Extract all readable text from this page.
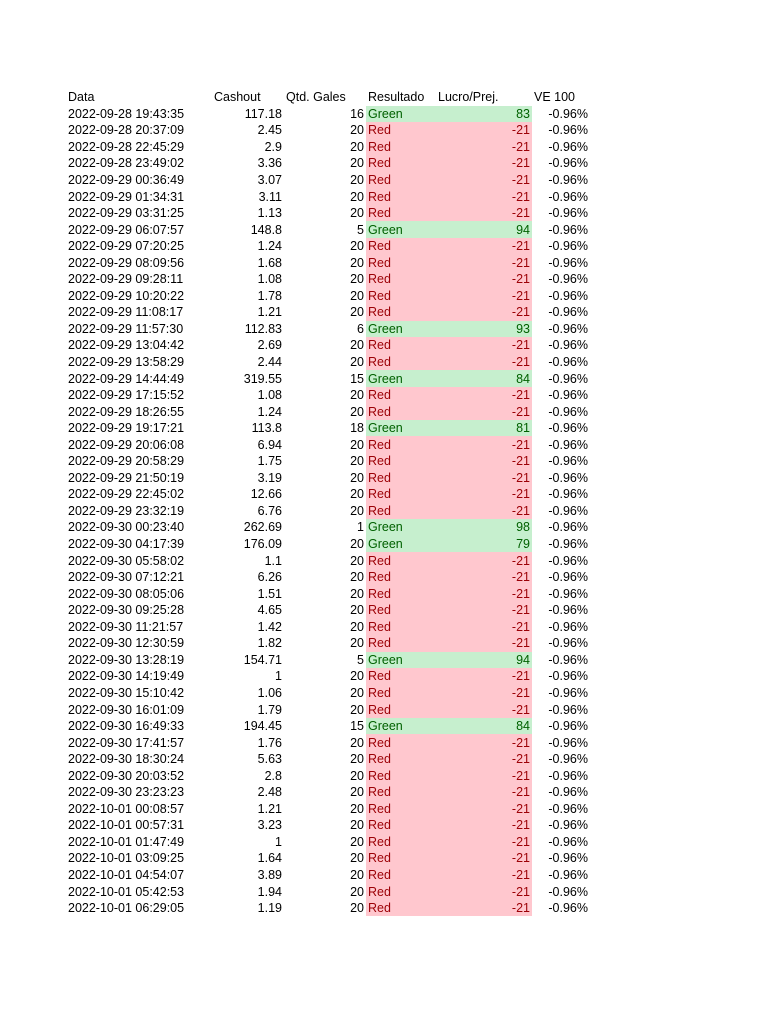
Data	Cashout	Qtd. Gales	Resultado	Lucro/Prej.	VE 100
2022-09-28 19:43:35	117.18	16	Green	83	-0.96%
2022-09-28 20:37:09	2.45	20	Red	-21	-0.96%
2022-09-28 22:45:29	2.9	20	Red	-21	-0.96%
2022-09-28 23:49:02	3.36	20	Red	-21	-0.96%
2022-09-29 00:36:49	3.07	20	Red	-21	-0.96%
2022-09-29 01:34:31	3.11	20	Red	-21	-0.96%
2022-09-29 03:31:25	1.13	20	Red	-21	-0.96%
2022-09-29 06:07:57	148.8	5	Green	94	-0.96%
2022-09-29 07:20:25	1.24	20	Red	-21	-0.96%
2022-09-29 08:09:56	1.68	20	Red	-21	-0.96%
2022-09-29 09:28:11	1.08	20	Red	-21	-0.96%
2022-09-29 10:20:22	1.78	20	Red	-21	-0.96%
2022-09-29 11:08:17	1.21	20	Red	-21	-0.96%
2022-09-29 11:57:30	112.83	6	Green	93	-0.96%
2022-09-29 13:04:42	2.69	20	Red	-21	-0.96%
2022-09-29 13:58:29	2.44	20	Red	-21	-0.96%
2022-09-29 14:44:49	319.55	15	Green	84	-0.96%
2022-09-29 17:15:52	1.08	20	Red	-21	-0.96%
2022-09-29 18:26:55	1.24	20	Red	-21	-0.96%
2022-09-29 19:17:21	113.8	18	Green	81	-0.96%
2022-09-29 20:06:08	6.94	20	Red	-21	-0.96%
2022-09-29 20:58:29	1.75	20	Red	-21	-0.96%
2022-09-29 21:50:19	3.19	20	Red	-21	-0.96%
2022-09-29 22:45:02	12.66	20	Red	-21	-0.96%
2022-09-29 23:32:19	6.76	20	Red	-21	-0.96%
2022-09-30 00:23:40	262.69	1	Green	98	-0.96%
2022-09-30 04:17:39	176.09	20	Green	79	-0.96%
2022-09-30 05:58:02	1.1	20	Red	-21	-0.96%
2022-09-30 07:12:21	6.26	20	Red	-21	-0.96%
2022-09-30 08:05:06	1.51	20	Red	-21	-0.96%
2022-09-30 09:25:28	4.65	20	Red	-21	-0.96%
2022-09-30 11:21:57	1.42	20	Red	-21	-0.96%
2022-09-30 12:30:59	1.82	20	Red	-21	-0.96%
2022-09-30 13:28:19	154.71	5	Green	94	-0.96%
2022-09-30 14:19:49	1	20	Red	-21	-0.96%
2022-09-30 15:10:42	1.06	20	Red	-21	-0.96%
2022-09-30 16:01:09	1.79	20	Red	-21	-0.96%
2022-09-30 16:49:33	194.45	15	Green	84	-0.96%
2022-09-30 17:41:57	1.76	20	Red	-21	-0.96%
2022-09-30 18:30:24	5.63	20	Red	-21	-0.96%
2022-09-30 20:03:52	2.8	20	Red	-21	-0.96%
2022-09-30 23:23:23	2.48	20	Red	-21	-0.96%
2022-10-01 00:08:57	1.21	20	Red	-21	-0.96%
2022-10-01 00:57:31	3.23	20	Red	-21	-0.96%
2022-10-01 01:47:49	1	20	Red	-21	-0.96%
2022-10-01 03:09:25	1.64	20	Red	-21	-0.96%
2022-10-01 04:54:07	3.89	20	Red	-21	-0.96%
2022-10-01 05:42:53	1.94	20	Red	-21	-0.96%
2022-10-01 06:29:05	1.19	20	Red	-21	-0.96%
